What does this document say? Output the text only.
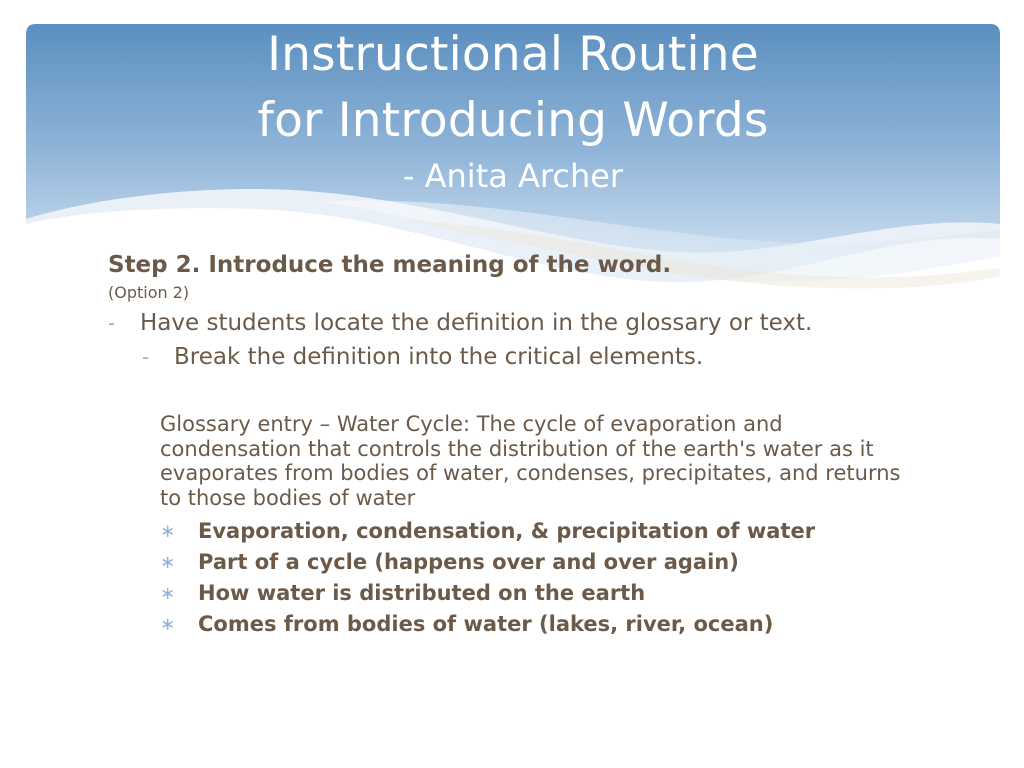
Instructional Routine
for Introducing Words
- Anita Archer

Step 2. Introduce the meaning of the word.

(Option 2)

- Have students locate the definition in the glossary or text.

- Break the definition into the critical elements.

Glossary entry – Water Cycle: The cycle of evaporation and condensation that controls the distribution of the earth's water as it evaporates from bodies of water, condenses, precipitates, and returns to those bodies of water
∗ Evaporation, condensation, & precipitation of water
∗ Part of a cycle (happens over and over again)
∗ How water is distributed on the earth
∗ Comes from bodies of water (lakes, river, ocean)
